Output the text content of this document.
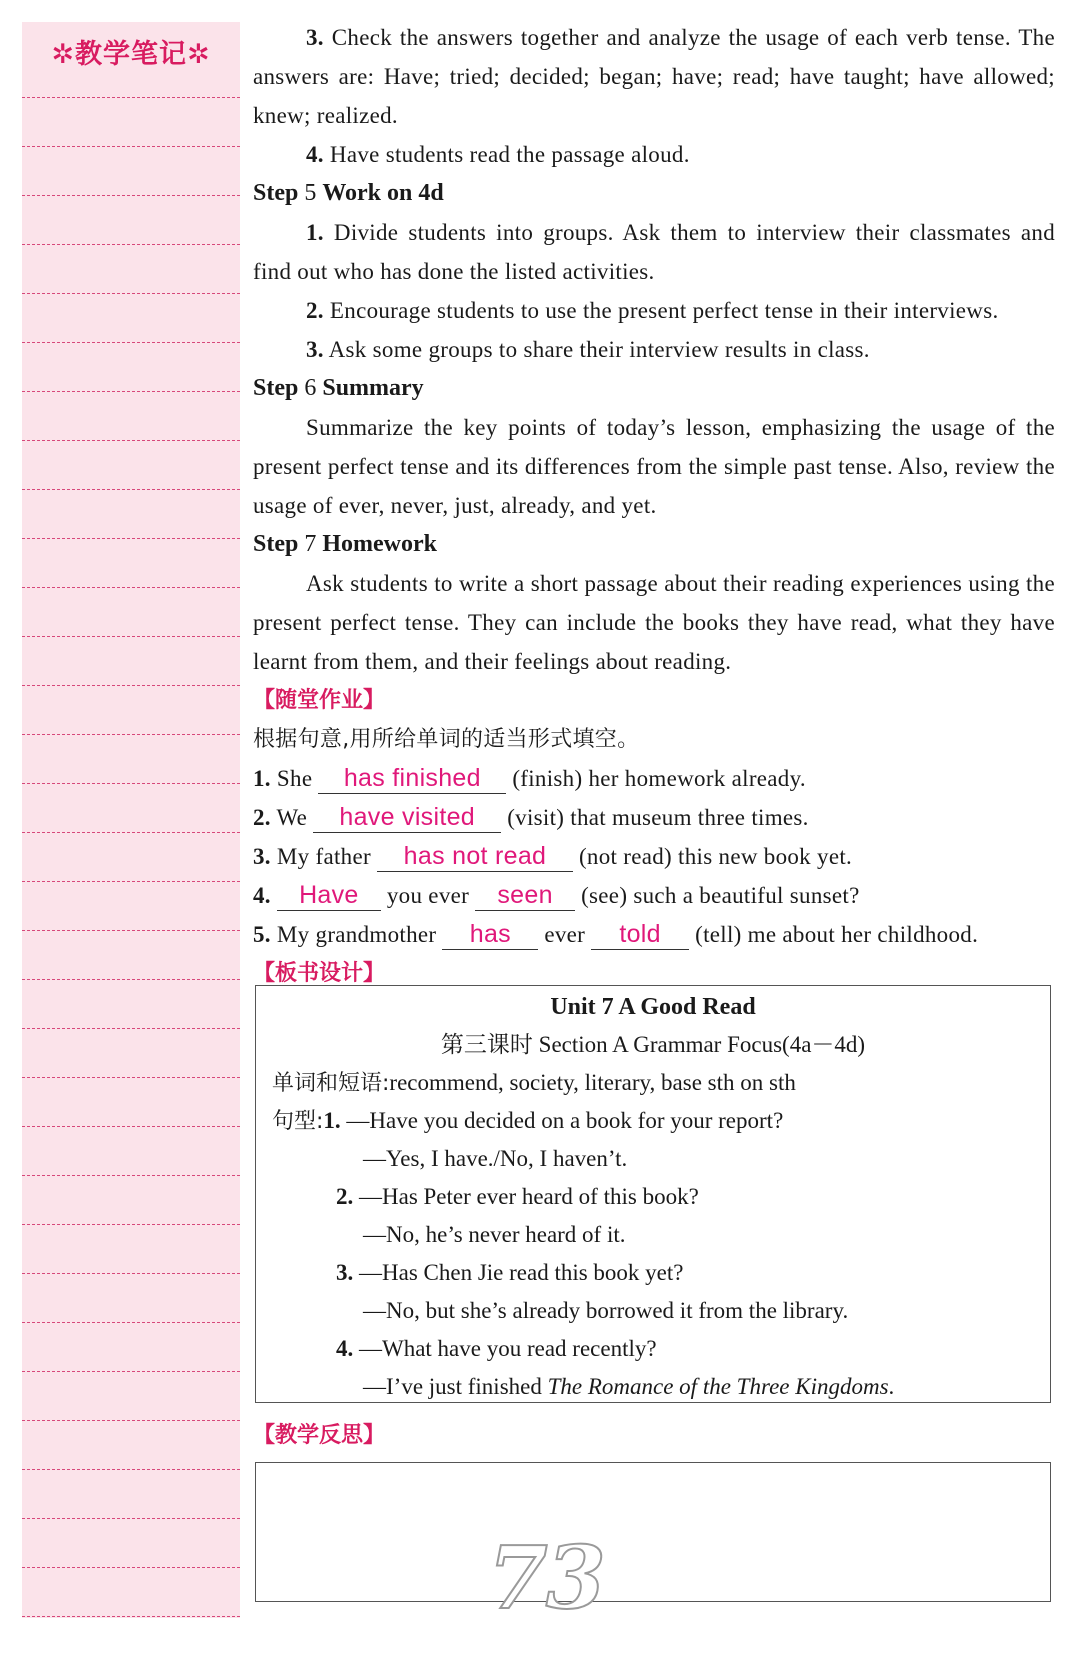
✲教学笔记✲

3. Check the answers together and analyze the usage of each verb tense. The answers are: Have; tried; decided; began; have; read; have taught; have allowed; knew; realized.

4. Have students read the passage aloud.

Step 5 Work on 4d

1. Divide students into groups. Ask them to interview their classmates and find out who has done the listed activities.

2. Encourage students to use the present perfect tense in their interviews.

3. Ask some groups to share their interview results in class.

Step 6 Summary

Summarize the key points of today’s lesson, emphasizing the usage of the present perfect tense and its differences from the simple past tense. Also, review the usage of ever, never, just, already, and yet.

Step 7 Homework

Ask students to write a short passage about their reading experiences using the present perfect tense. They can include the books they have read, what they have learnt from them, and their feelings about reading.

【随堂作业】

根据句意,用所给单词的适当形式填空。

1. She has finished (finish) her homework already.

2. We have visited (visit) that museum three times.

3. My father has not read (not read) this new book yet.

4. Have you ever seen (see) such a beautiful sunset?

5. My grandmother has ever told (tell) me about her childhood.

【板书设计】

Unit 7 A Good Read
第三课时 Section A Grammar Focus(4a－4d)
单词和短语:recommend, society, literary, base sth on sth
句型:1. —Have you decided on a book for your report?
—Yes, I have./No, I haven’t.
2. —Has Peter ever heard of this book?
—No, he’s never heard of it.
3. —Has Chen Jie read this book yet?
—No, but she’s already borrowed it from the library.
4. —What have you read recently?
—I’ve just finished The Romance of the Three Kingdoms.
【教学反思】
73
